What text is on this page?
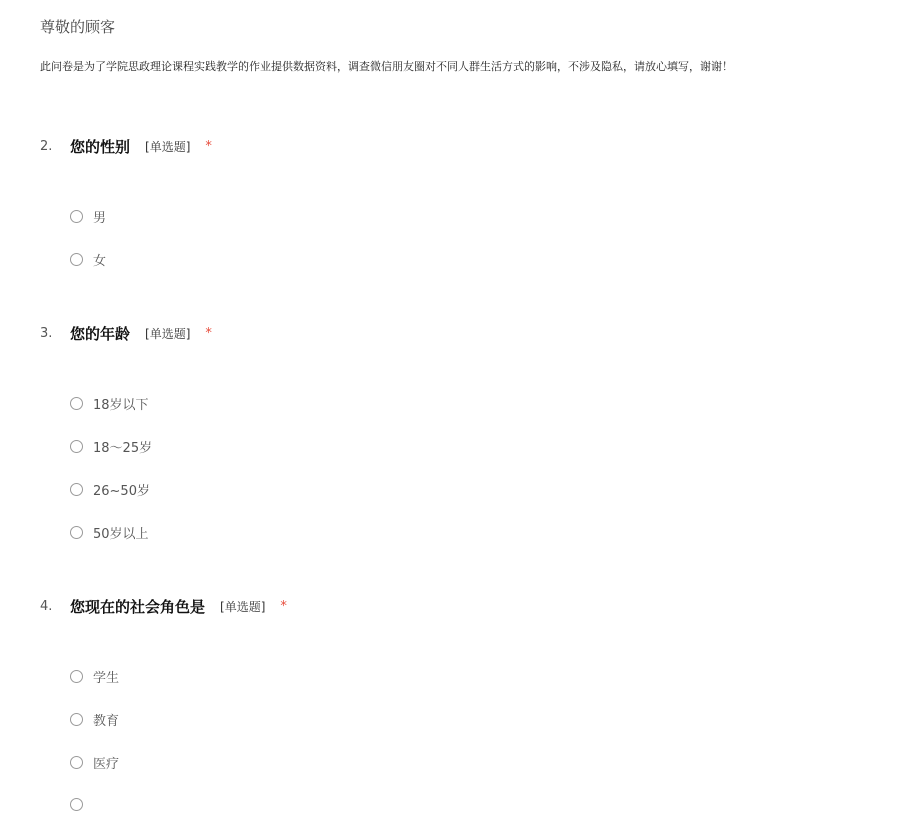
尊敬的顾客
此问卷是为了学院思政理论课程实践教学的作业提供数据资料，调查微信朋友圈对不同人群生活方式的影响，不涉及隐私，请放心填写，谢谢！
2.	您的性别 [单选题] *
男
女
3.	您的年龄 [单选题] *
18岁以下
18～25岁
26~50岁
50岁以上
4.	您现在的社会角色是 [单选题] *
学生
教育
医疗
